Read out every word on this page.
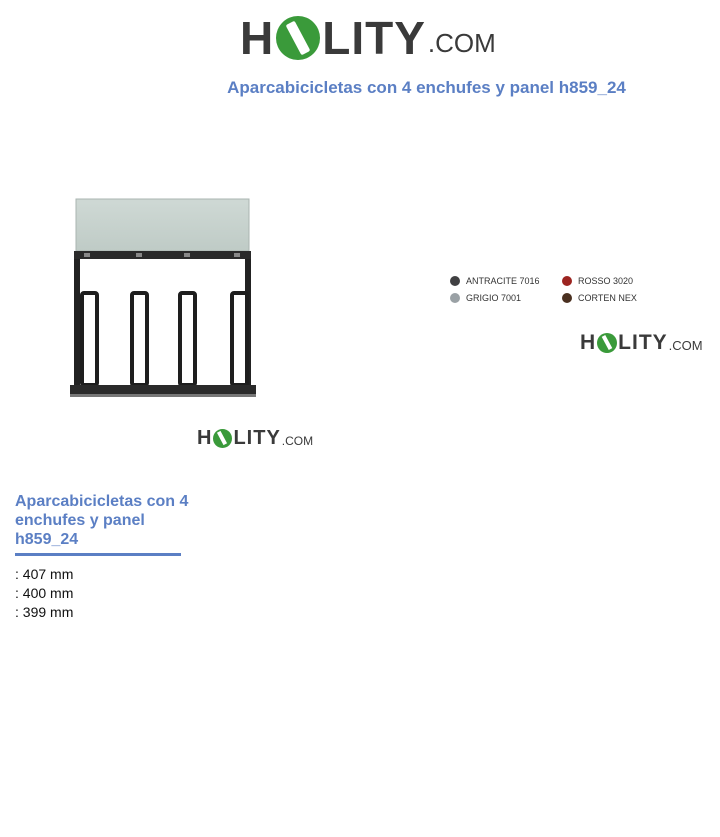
H LITY .COM
Aparcabicicletas con 4 enchufes y panel h859_24
H LITY .COM
ANTRACITE 7016	ROSSO 3020
GRIGIO 7001	CORTEN NEX
H LITY .COM
Aparcabicicletas con 4 enchufes y panel h859_24
: 407 mm
: 400 mm
: 399 mm
